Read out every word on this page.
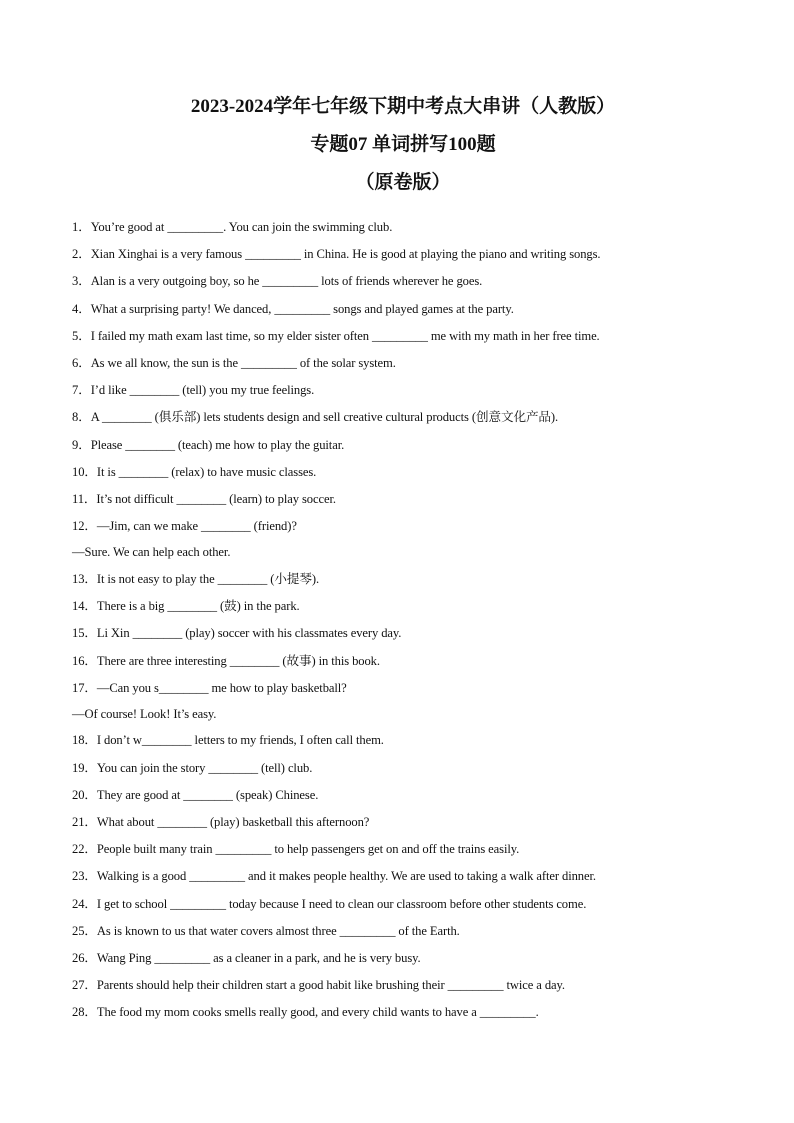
2023-2024学年七年级下期中考点大串讲（人教版）
专题07 单词拼写100题
（原卷版）

1．You’re good at _________. You can join the swimming club.

2．Xian Xinghai is a very famous _________ in China. He is good at playing the piano and writing songs.

3．Alan is a very outgoing boy, so he _________ lots of friends wherever he goes.

4．What a surprising party! We danced, _________ songs and played games at the party.

5．I failed my math exam last time, so my elder sister often _________ me with my math in her free time.

6．As we all know, the sun is the _________ of the solar system.

7．I’d like ________ (tell) you my true feelings.

8．A ________ (俱乐部) lets students design and sell creative cultural products (创意文化产品).

9．Please ________ (teach) me how to play the guitar.

10．It is ________ (relax) to have music classes.

11．It’s not difficult ________ (learn) to play soccer.

12．—Jim, can we make ________ (friend)?

—Sure. We can help each other.

13．It is not easy to play the ________ (小提琴).

14．There is a big ________ (鼓) in the park.

15．Li Xin ________ (play) soccer with his classmates every day.

16．There are three interesting ________ (故事) in this book.

17．—Can you s________ me how to play basketball?

—Of course! Look! It’s easy.

18．I don’t w________ letters to my friends, I often call them.

19．You can join the story ________ (tell) club.

20．They are good at ________ (speak) Chinese.

21．What about ________ (play) basketball this afternoon?

22．People built many train _________ to help passengers get on and off the trains easily.

23．Walking is a good _________ and it makes people healthy. We are used to taking a walk after dinner.

24．I get to school _________ today because I need to clean our classroom before other students come.

25．As is known to us that water covers almost three _________ of the Earth.

26．Wang Ping _________ as a cleaner in a park, and he is very busy.

27．Parents should help their children start a good habit like brushing their _________ twice a day.

28．The food my mom cooks smells really good, and every child wants to have a _________.
